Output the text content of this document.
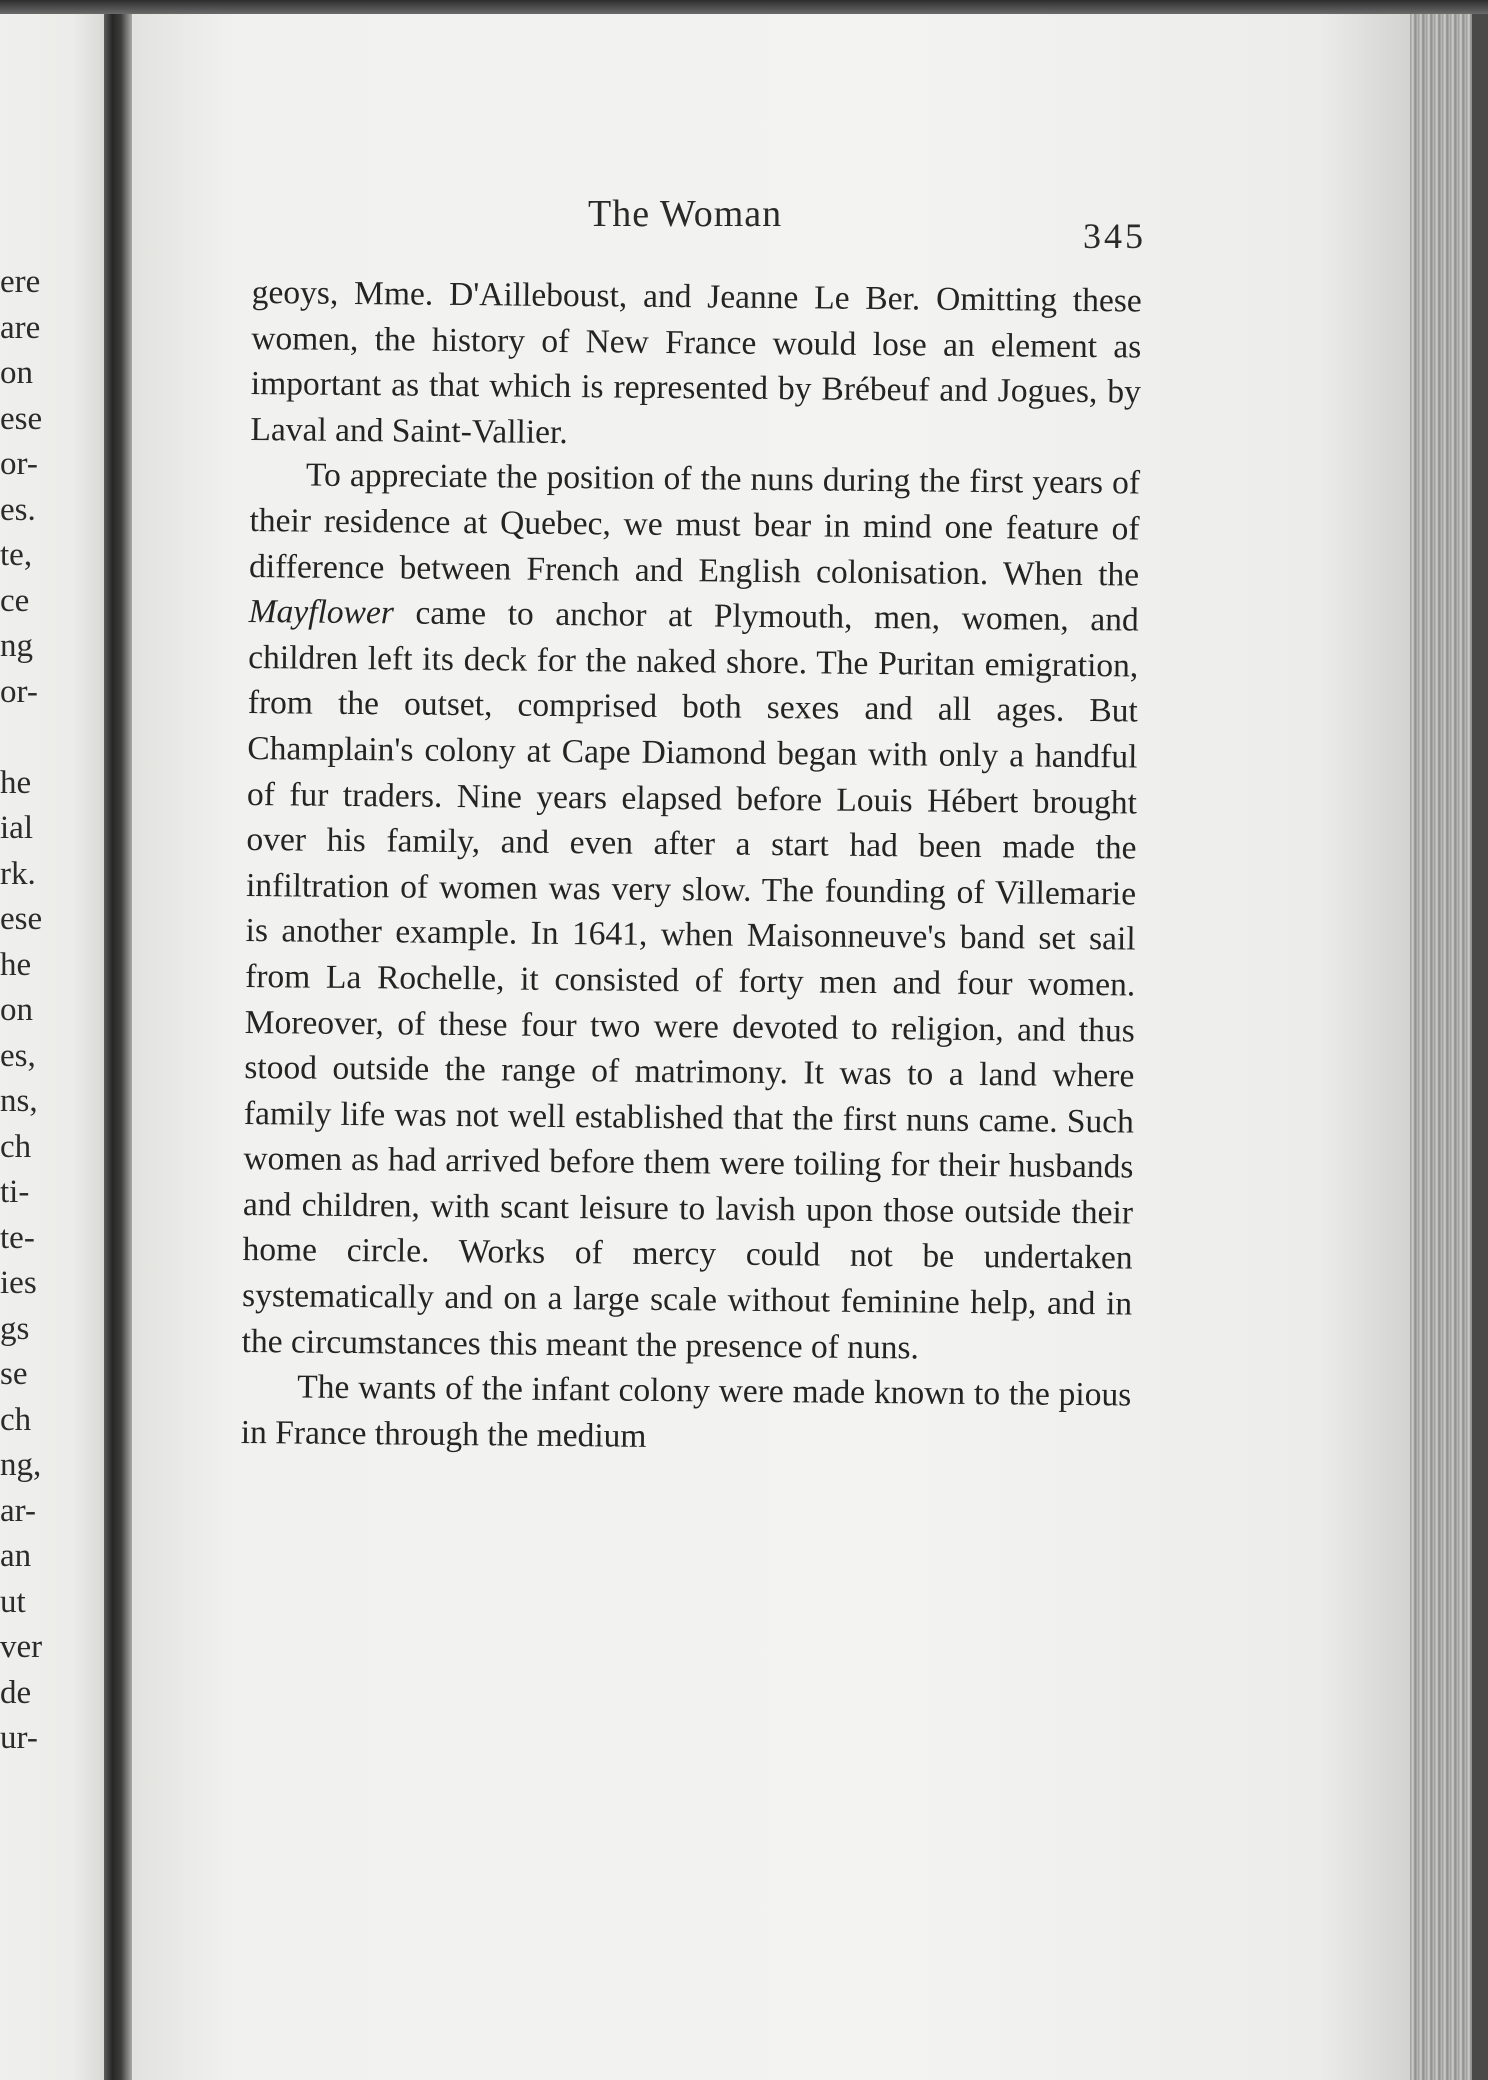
ere
are
on
ese
or-
es.
te,
ce
ng
or-
he
ial
rk.
ese
he
on
es,
ns,
ch
ti-
te-
ies
gs
se
ch
ng,
ar-
an
ut
ver
de
ur-
The Woman
345

geoys, Mme. D'Ailleboust, and Jeanne Le Ber. Omitting these women, the history of New France would lose an element as important as that which is represented by Brébeuf and Jogues, by Laval and Saint-Vallier.

To appreciate the position of the nuns during the first years of their residence at Quebec, we must bear in mind one feature of difference between French and English colonisation. When the Mayflower came to anchor at Plymouth, men, women, and children left its deck for the naked shore. The Puritan emigration, from the outset, comprised both sexes and all ages. But Champlain's colony at Cape Diamond began with only a handful of fur traders. Nine years elapsed before Louis Hébert brought over his family, and even after a start had been made the infiltration of women was very slow. The founding of Villemarie is another example. In 1641, when Maisonneuve's band set sail from La Rochelle, it consisted of forty men and four women. Moreover, of these four two were devoted to religion, and thus stood outside the range of matrimony. It was to a land where family life was not well established that the first nuns came. Such women as had arrived before them were toiling for their husbands and children, with scant leisure to lavish upon those outside their home circle. Works of mercy could not be undertaken systematically and on a large scale without feminine help, and in the circumstances this meant the presence of nuns.

The wants of the infant colony were made known to the pious in France through the medium
